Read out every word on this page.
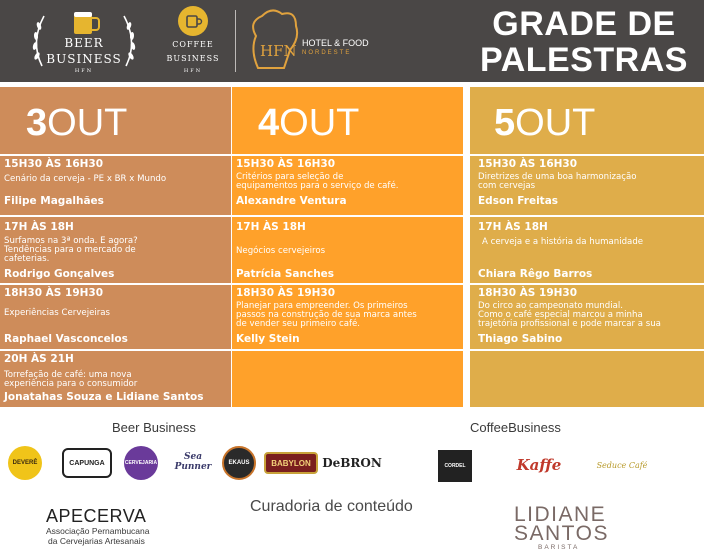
BEER
BUSINESS
HFN
COFFEE
BUSINESS
HFN
HFN HOTEL & FOOD
NORDESTE
GRADE DE
PALESTRAS
3OUT
15H30 ÀS 16H30
Cenário da cerveja - PE x BR x Mundo
Filipe Magalhães
17H ÀS 18H
Surfamos na 3ª onda. E agora?
Tendências para o mercado de
cafeterias.
Rodrigo Gonçalves
18H30 ÀS 19H30
Experiências Cervejeiras
Raphael Vasconcelos
20H ÀS 21H
Torrefação de café: uma nova
experiência para o consumidor
Jonatahas Souza e Lidiane Santos
4OUT
15H30 ÀS 16H30
Critérios para seleção de
equipamentos para o serviço de café.
Alexandre Ventura
17H ÀS 18H
Negócios cervejeiros
Patrícia Sanches
18H30 ÀS 19H30
Planejar para empreender. Os primeiros
passos na construção de sua marca antes
de vender seu primeiro café.
Kelly Stein
5OUT
15H30 ÀS 16H30
Diretrizes de uma boa harmonização
com cervejas
Edson Freitas
17H ÀS 18H
A cerveja e a história da humanidade
Chiara Rêgo Barros
18H30 ÀS 19H30
Do circo ao campeonato mundial.
Como o café especial marcou a minha
trajetória profissional e pode marcar a sua
Thiago Sabino
Beer Business	CoffeeBusiness
DEVERÊ	CAPUNGA	CERVEJARIA
Sea Punner	EKAUS	BABYLON DeBRON	CORDEL	Kaffe	Seduce Café
APECERVA
Associação Pernambucana
da Cervejarias Artesanais
Curadoria de conteúdo	LIDIANE
SANTOS
BARISTA
